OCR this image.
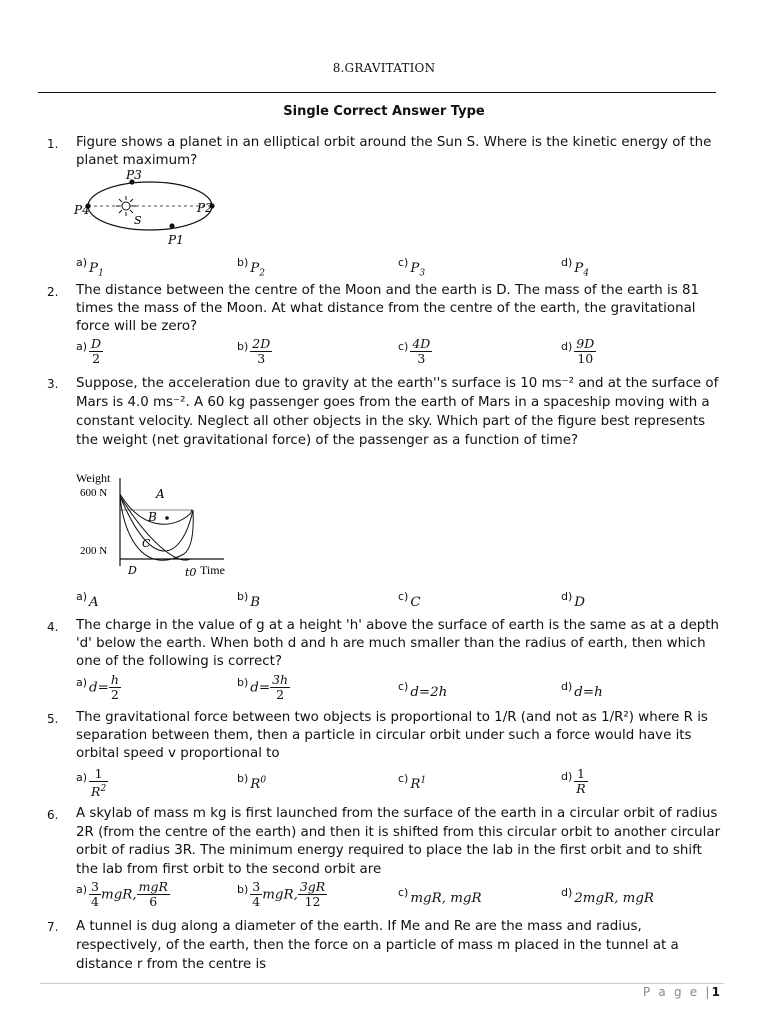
8.GRAVITATION
Single Correct Answer Type
1. Figure shows a planet in an elliptical orbit around the Sun S. Where is the kinetic energy of the planet maximum?
P3
P4	P2
P1
S
$^{a)}$ $P_1$
$^{b)}$ $P_2$
$^{c)}$ $P_3$
$^{d)}$ $P_4$
2. The distance between the centre of the Moon and the earth is D. The mass of the earth is 81 times the mass of the Moon. At what distance from the centre of the earth, the gravitational force will be zero?
$^{a)} \frac{D}{2}$	$^{b)} \frac{2D}{3}$	$^{c)} \frac{4D}{3}$	$^{d)} \frac{9D}{10}$
3. Suppose, the acceleration due to gravity at the earth''s surface is 10 ms⁻² and at the surface of Mars is 4.0 ms⁻². A 60 kg passenger goes from the earth of Mars in a spaceship moving with a constant velocity. Neglect all other objects in the sky. Which part of the figure best represents the weight (net gravitational force) of the passenger as a function of time?
Weight
600 N
200 N
A
B
C
D	t0 Time
$^{a)}$ A	$^{b)}$ B	$^{c)}$ C	$^{d)}$ D
4. The charge in the value of g at a height 'h' above the surface of earth is the same as at a depth 'd' below the earth. When both d and h are much smaller than the radius of earth, then which one of the following is correct?
$^{a)}$ $d= \frac{h}{2}$	$^{b)}$ $d= \frac{3h}{2}$	$^{c)}$ d=2h	$^{d)}$ d=h
5. The gravitational force between two objects is proportional to 1/R (and not as 1/R²) where R is separation between them, then a particle in circular orbit under such a force would have its orbital speed v proportional to
$^{a)} \frac{1}{R^2}$	$^{b)}$ $R^0$	$^{c)}$ $R^1$	$^{d)} \frac{1}{R}$
6. A skylab of mass m kg is first launched from the surface of the earth in a circular orbit of radius 2R (from the centre of the earth) and then it is shifted from this circular orbit to another circular orbit of radius 3R. The minimum energy required to place the lab in the first orbit and to shift the lab from first orbit to the second orbit are
$^{a)} \frac{3}{4}$ mgR, $\frac{\text{mgR}}{6}$	$^{b)} \frac{3}{4}$ mgR, $\frac{3gR}{12}$	$^{c)}$ mgR, mgR	$^{d)}$ 2mgR, mgR
7. A tunnel is dug along a diameter of the earth. If Me and Re are the mass and radius, respectively, of the earth, then the force on a particle of mass m placed in the tunnel at a distance r from the centre is
P a g e |1
